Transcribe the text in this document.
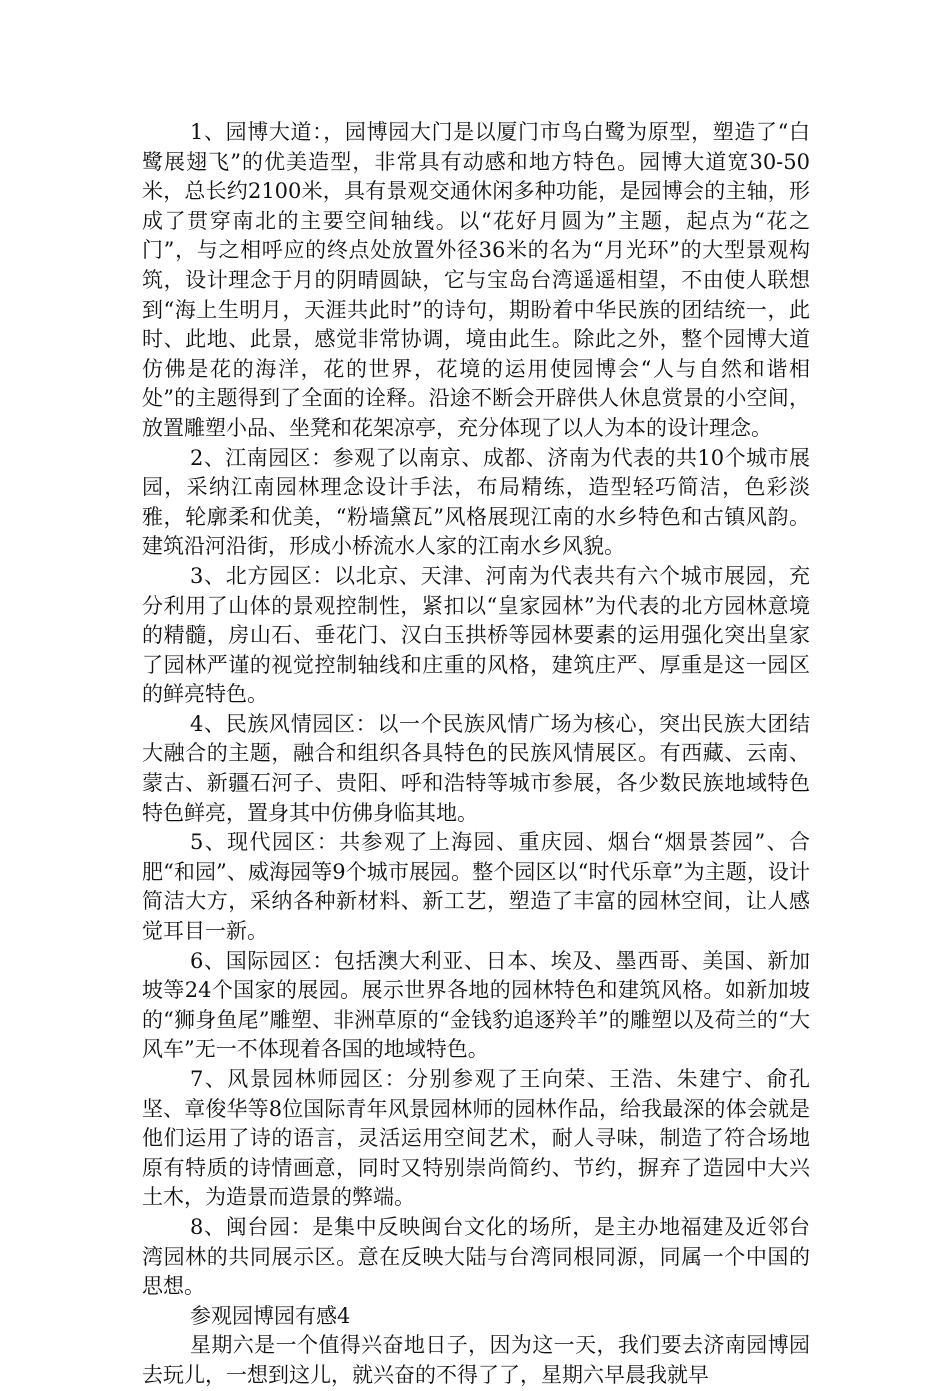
1、园博大道：，园博园大门是以厦门市鸟白鹭为原型，塑造了“白鹭展翅飞”的优美造型，非常具有动感和地方特色。园博大道宽30-50米，总长约2100米，具有景观交通休闲多种功能，是园博会的主轴，形成了贯穿南北的主要空间轴线。以“花好月圆为”主题，起点为“花之门”，与之相呼应的终点处放置外径36米的名为“月光环”的大型景观构筑，设计理念于月的阴晴圆缺，它与宝岛台湾遥遥相望，不由使人联想到“海上生明月，天涯共此时”的诗句，期盼着中华民族的团结统一，此时、此地、此景，感觉非常协调，境由此生。除此之外，整个园博大道仿佛是花的海洋，花的世界，花境的运用使园博会“人与自然和谐相处”的主题得到了全面的诠释。沿途不断会开辟供人休息赏景的小空间，放置雕塑小品、坐凳和花架凉亭，充分体现了以人为本的设计理念。

2、江南园区：参观了以南京、成都、济南为代表的共10个城市展园，采纳江南园林理念设计手法，布局精练，造型轻巧简洁，色彩淡雅，轮廓柔和优美，“粉墙黛瓦”风格展现江南的水乡特色和古镇风韵。建筑沿河沿街，形成小桥流水人家的江南水乡风貌。

3、北方园区：以北京、天津、河南为代表共有六个城市展园，充分利用了山体的景观控制性，紧扣以“皇家园林”为代表的北方园林意境的精髓，房山石、垂花门、汉白玉拱桥等园林要素的运用强化突出皇家了园林严谨的视觉控制轴线和庄重的风格，建筑庄严、厚重是这一园区的鲜亮特色。

4、民族风情园区：以一个民族风情广场为核心，突出民族大团结大融合的主题，融合和组织各具特色的民族风情展区。有西藏、云南、蒙古、新疆石河子、贵阳、呼和浩特等城市参展，各少数民族地域特色特色鲜亮，置身其中仿佛身临其地。

5、现代园区：共参观了上海园、重庆园、烟台“烟景荟园”、合肥“和园”、威海园等9个城市展园。整个园区以“时代乐章”为主题，设计简洁大方，采纳各种新材料、新工艺，塑造了丰富的园林空间，让人感觉耳目一新。

6、国际园区：包括澳大利亚、日本、埃及、墨西哥、美国、新加坡等24个国家的展园。展示世界各地的园林特色和建筑风格。如新加坡的“狮身鱼尾”雕塑、非洲草原的“金钱豹追逐羚羊”的雕塑以及荷兰的“大风车”无一不体现着各国的地域特色。

7、风景园林师园区：分别参观了王向荣、王浩、朱建宁、俞孔坚、章俊华等8位国际青年风景园林师的园林作品，给我最深的体会就是他们运用了诗的语言，灵活运用空间艺术，耐人寻味，制造了符合场地原有特质的诗情画意，同时又特别崇尚简约、节约，摒弃了造园中大兴土木，为造景而造景的弊端。

8、闽台园：是集中反映闽台文化的场所，是主办地福建及近邻台湾园林的共同展示区。意在反映大陆与台湾同根同源，同属一个中国的思想。

参观园博园有感4

星期六是一个值得兴奋地日子，因为这一天，我们要去济南园博园去玩儿，一想到这儿，就兴奋的不得了了，星期六早晨我就早
